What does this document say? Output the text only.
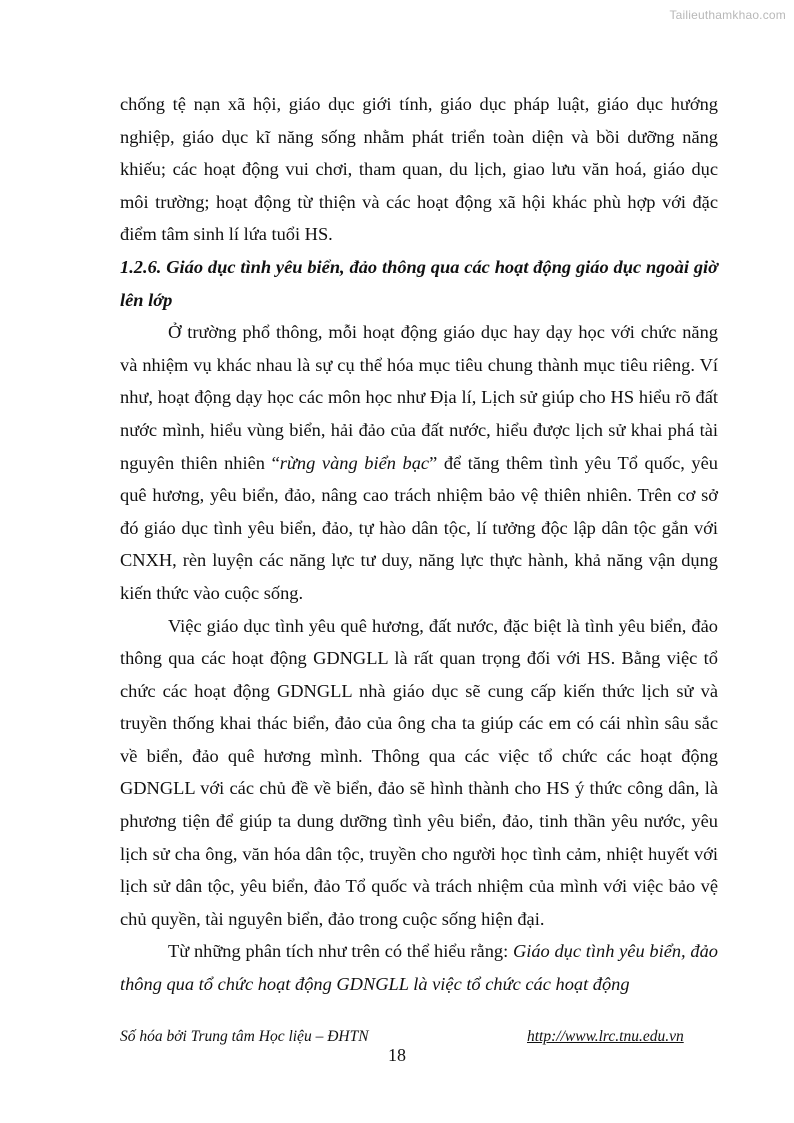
Tailieuthamkhao.com

chống tệ nạn xã hội, giáo dục giới tính, giáo dục pháp luật, giáo dục hướng nghiệp, giáo dục kĩ năng sống nhằm phát triển toàn diện và bồi dưỡng năng khiếu; các hoạt động vui chơi, tham quan, du lịch, giao lưu văn hoá, giáo dục môi trường; hoạt động từ thiện và các hoạt động xã hội khác phù hợp với đặc điểm tâm sinh lí lứa tuổi HS.

1.2.6. Giáo dục tình yêu biển, đảo thông qua các hoạt động giáo dục ngoài giờ lên lớp

Ở trường phổ thông, mỗi hoạt động giáo dục hay dạy học với chức năng và nhiệm vụ khác nhau là sự cụ thể hóa mục tiêu chung thành mục tiêu riêng. Ví như, hoạt động dạy học các môn học như Địa lí, Lịch sử giúp cho HS hiểu rõ đất nước mình, hiểu vùng biển, hải đảo của đất nước, hiểu được lịch sử khai phá tài nguyên thiên nhiên “rừng vàng biển bạc” để tăng thêm tình yêu Tổ quốc, yêu quê hương, yêu biển, đảo, nâng cao trách nhiệm bảo vệ thiên nhiên. Trên cơ sở đó giáo dục tình yêu biển, đảo, tự hào dân tộc, lí tưởng độc lập dân tộc gắn với CNXH, rèn luyện các năng lực tư duy, năng lực thực hành, khả năng vận dụng kiến thức vào cuộc sống.

Việc giáo dục tình yêu quê hương, đất nước, đặc biệt là tình yêu biển, đảo thông qua các hoạt động GDNGLL là rất quan trọng đối với HS. Bằng việc tổ chức các hoạt động GDNGLL nhà giáo dục sẽ cung cấp kiến thức lịch sử và truyền thống khai thác biển, đảo của ông cha ta giúp các em có cái nhìn sâu sắc về biển, đảo quê hương mình. Thông qua các việc tổ chức các hoạt động GDNGLL với các chủ đề về biển, đảo sẽ hình thành cho HS ý thức công dân, là phương tiện để giúp ta dung dưỡng tình yêu biển, đảo, tinh thần yêu nước, yêu lịch sử cha ông, văn hóa dân tộc, truyền cho người học tình cảm, nhiệt huyết với lịch sử dân tộc, yêu biển, đảo Tổ quốc và trách nhiệm của mình với việc bảo vệ chủ quyền, tài nguyên biển, đảo trong cuộc sống hiện đại.

Từ những phân tích như trên có thể hiểu rằng: Giáo dục tình yêu biển, đảo thông qua tổ chức hoạt động GDNGLL là việc tổ chức các hoạt động

Số hóa bởi Trung tâm Học liệu – ĐHTN	http://www.lrc.tnu.edu.vn
18
